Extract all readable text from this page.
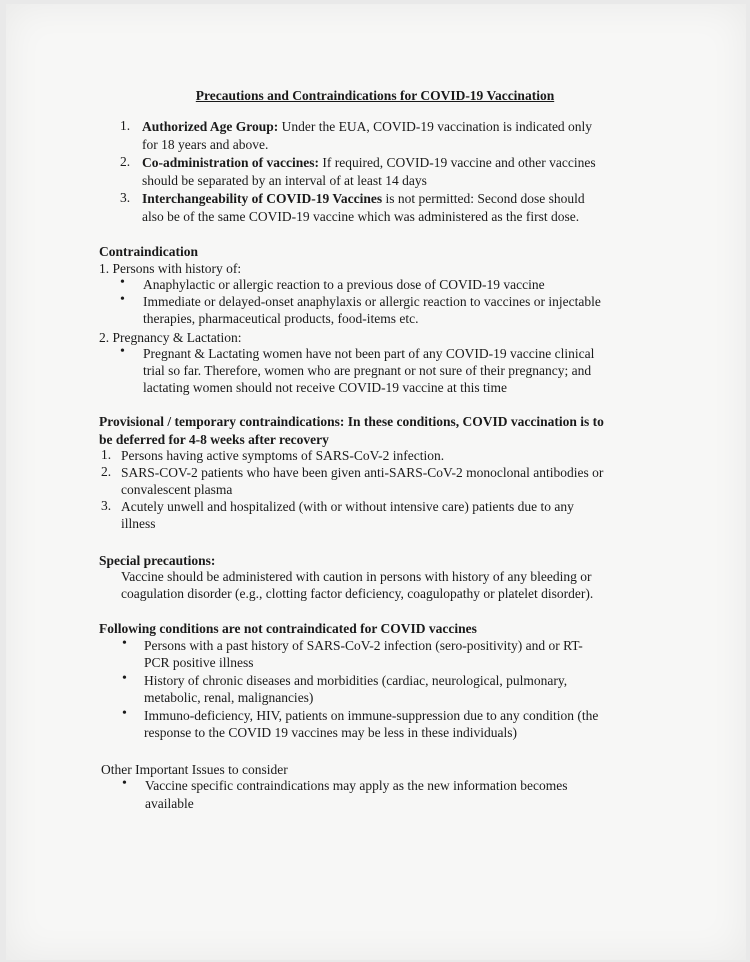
Precautions and Contraindications for COVID-19 Vaccination
Contraindication
1. Persons with history of:
2. Pregnancy & Lactation:
Provisional / temporary contraindications: In these conditions, COVID vaccination is to
be deferred for 4-8 weeks after recovery
Special precautions:
Following conditions are not contraindicated for COVID vaccines
Other Important Issues to consider
1. Authorized Age Group: Under the EUA, COVID-19 vaccination is indicated only
for 18 years and above.
2. Co-administration of vaccines: If required, COVID-19 vaccine and other vaccines
should be separated by an interval of at least 14 days
3. Interchangeability of COVID-19 Vaccines is not permitted: Second dose should
also be of the same COVID-19 vaccine which was administered as the first dose.
• Anaphylactic or allergic reaction to a previous dose of COVID-19 vaccine
• Immediate or delayed-onset anaphylaxis or allergic reaction to vaccines or injectable
therapies, pharmaceutical products, food-items etc.
• Pregnant & Lactating women have not been part of any COVID-19 vaccine clinical
trial so far. Therefore, women who are pregnant or not sure of their pregnancy; and
lactating women should not receive COVID-19 vaccine at this time
1. Persons having active symptoms of SARS-CoV-2 infection.
2. SARS-COV-2 patients who have been given anti-SARS-CoV-2 monoclonal antibodies or
convalescent plasma
3. Acutely unwell and hospitalized (with or without intensive care) patients due to any
illness
Vaccine should be administered with caution in persons with history of any bleeding or
coagulation disorder (e.g., clotting factor deficiency, coagulopathy or platelet disorder).
• Persons with a past history of SARS-CoV-2 infection (sero-positivity) and or RT-
PCR positive illness
• History of chronic diseases and morbidities (cardiac, neurological, pulmonary,
metabolic, renal, malignancies)
• Immuno-deficiency, HIV, patients on immune-suppression due to any condition (the
response to the COVID 19 vaccines may be less in these individuals)
• Vaccine specific contraindications may apply as the new information becomes
available
